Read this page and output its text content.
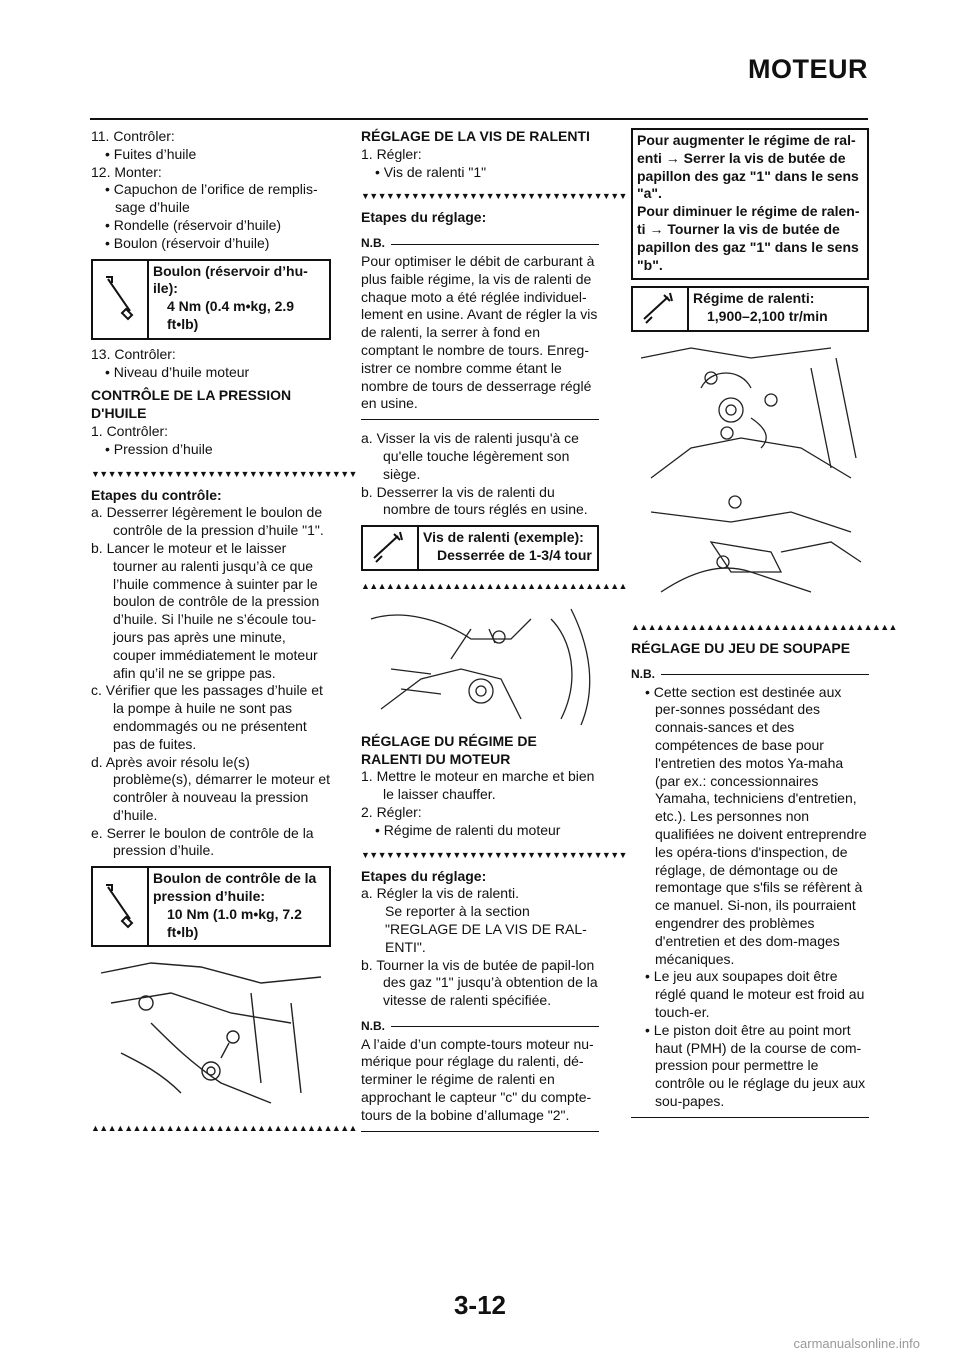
MOTEUR

11. Contrôler:

• Fuites d’huile

12. Monter:

• Capuchon de l’orifice de remplis-sage d’huile

• Rondelle (réservoir d’huile)

• Boulon (réservoir d’huile)

Boulon (réservoir d’hu-ile):
4 Nm (0.4 m•kg, 2.9 ft•lb)

13. Contrôler:

• Niveau d’huile moteur

CONTRÔLE DE LA PRESSION D'HUILE

1. Contrôler:

• Pression d’huile

▼▼▼▼▼▼▼▼▼▼▼▼▼▼▼▼▼▼▼▼▼▼▼▼▼▼▼▼▼▼▼▼

Etapes du contrôle:

a. Desserrer légèrement le boulon de contrôle de la pression d’huile "1".

b. Lancer le moteur et le laisser tourner au ralenti jusqu’à ce que l’huile commence à suinter par le boulon de contrôle de la pression d’huile. Si l’huile ne s’écoule tou-jours pas après une minute, couper immédiatement le moteur afin qu’il ne se grippe pas.

c. Vérifier que les passages d’huile et la pompe à huile ne sont pas endommagés ou ne présentent pas de fuites.

d. Après avoir résolu le(s) problème(s), démarrer le moteur et contrôler à nouveau la pression d’huile.

e. Serrer le boulon de contrôle de la pression d’huile.

Boulon de contrôle de la pression d’huile:
10 Nm (1.0 m•kg, 7.2 ft•lb)
▲▲▲▲▲▲▲▲▲▲▲▲▲▲▲▲▲▲▲▲▲▲▲▲▲▲▲▲▲▲▲▲

RÉGLAGE DE LA VIS DE RALENTI

1. Régler:

• Vis de ralenti "1"

▼▼▼▼▼▼▼▼▼▼▼▼▼▼▼▼▼▼▼▼▼▼▼▼▼▼▼▼▼▼▼▼

Etapes du réglage:

N.B.

Pour optimiser le débit de carburant à plus faible régime, la vis de ralenti de chaque moto a été réglée individuel-lement en usine. Avant de régler la vis de ralenti, la serrer à fond en comptant le nombre de tours. Enreg-istrer ce nombre comme étant le nombre de tours de desserrage réglé en usine.

a. Visser la vis de ralenti jusqu'à ce qu'elle touche légèrement son siège.

b. Desserrer la vis de ralenti du nombre de tours réglés en usine.

Vis de ralenti (exemple):
Desserrée de 1-3/4 tour
▲▲▲▲▲▲▲▲▲▲▲▲▲▲▲▲▲▲▲▲▲▲▲▲▲▲▲▲▲▲▲▲

RÉGLAGE DU RÉGIME DE RALENTI DU MOTEUR

1. Mettre le moteur en marche et bien le laisser chauffer.

2. Régler:

• Régime de ralenti du moteur

▼▼▼▼▼▼▼▼▼▼▼▼▼▼▼▼▼▼▼▼▼▼▼▼▼▼▼▼▼▼▼▼

Etapes du réglage:

a. Régler la vis de ralenti.

Se reporter à la section "REGLAGE DE LA VIS DE RAL-ENTI".

b. Tourner la vis de butée de papil-lon des gaz "1" jusqu’à obtention de la vitesse de ralenti spécifiée.

N.B.

A l’aide d’un compte-tours moteur nu-mérique pour réglage du ralenti, dé-terminer le régime de ralenti en approchant le capteur "c" du compte-tours de la bobine d’allumage "2".

Pour augmenter le régime de ral-enti → Serrer la vis de butée de papillon des gaz "1" dans le sens "a".
Pour diminuer le régime de ralen-ti → Tourner la vis de butée de papillon des gaz "1" dans le sens "b".
Régime de ralenti:
1,900–2,100 tr/min
▲▲▲▲▲▲▲▲▲▲▲▲▲▲▲▲▲▲▲▲▲▲▲▲▲▲▲▲▲▲▲▲

RÉGLAGE DU JEU DE SOUPAPE

N.B.

• Cette section est destinée aux per-sonnes possédant des connais-sances et des compétences de base pour l'entretien des motos Ya-maha (par ex.: concessionnaires Yamaha, techniciens d'entretien, etc.). Les personnes non qualifiées ne doivent entreprendre les opéra-tions d'inspection, de réglage, de démontage ou de remontage que s'fils se réfèrent à ce manuel. Si-non, ils pourraient engendrer des problèmes d'entretien et des dom-mages mécaniques.

• Le jeu aux soupapes doit être réglé quand le moteur est froid au touch-er.

• Le piston doit être au point mort haut (PMH) de la course de com-pression pour permettre le contrôle ou le réglage du jeux aux sou-papes.

3-12
carmanualsonline.info
